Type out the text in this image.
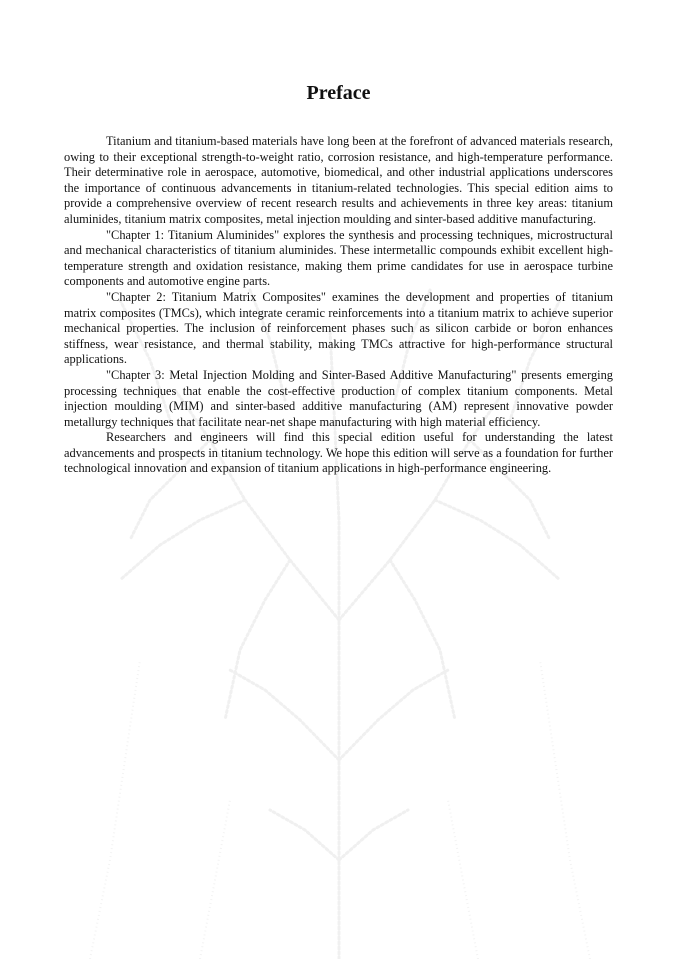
Preface

Titanium and titanium-based materials have long been at the forefront of advanced materials research, owing to their exceptional strength-to-weight ratio, corrosion resistance, and high-temperature performance. Their determinative role in aerospace, automotive, biomedical, and other industrial applications underscores the importance of continuous advancements in titanium-related technologies. This special edition aims to provide a comprehensive overview of recent research results and achievements in three key areas: titanium aluminides, titanium matrix composites, metal injection moulding and sinter-based additive manufacturing.

"Chapter 1: Titanium Aluminides" explores the synthesis and processing techniques, microstructural and mechanical characteristics of titanium aluminides. These intermetallic compounds exhibit excellent high-temperature strength and oxidation resistance, making them prime candidates for use in aerospace turbine components and automotive engine parts.

"Chapter 2: Titanium Matrix Composites" examines the development and properties of titanium matrix composites (TMCs), which integrate ceramic reinforcements into a titanium matrix to achieve superior mechanical properties. The inclusion of reinforcement phases such as silicon carbide or boron enhances stiffness, wear resistance, and thermal stability, making TMCs attractive for high-performance structural applications.

"Chapter 3: Metal Injection Molding and Sinter-Based Additive Manufacturing" presents emerging processing techniques that enable the cost-effective production of complex titanium components. Metal injection moulding (MIM) and sinter-based additive manufacturing (AM) represent innovative powder metallurgy techniques that facilitate near-net shape manufacturing with high material efficiency.

Researchers and engineers will find this special edition useful for understanding the latest advancements and prospects in titanium technology. We hope this edition will serve as a foundation for further technological innovation and expansion of titanium applications in high-performance engineering.
